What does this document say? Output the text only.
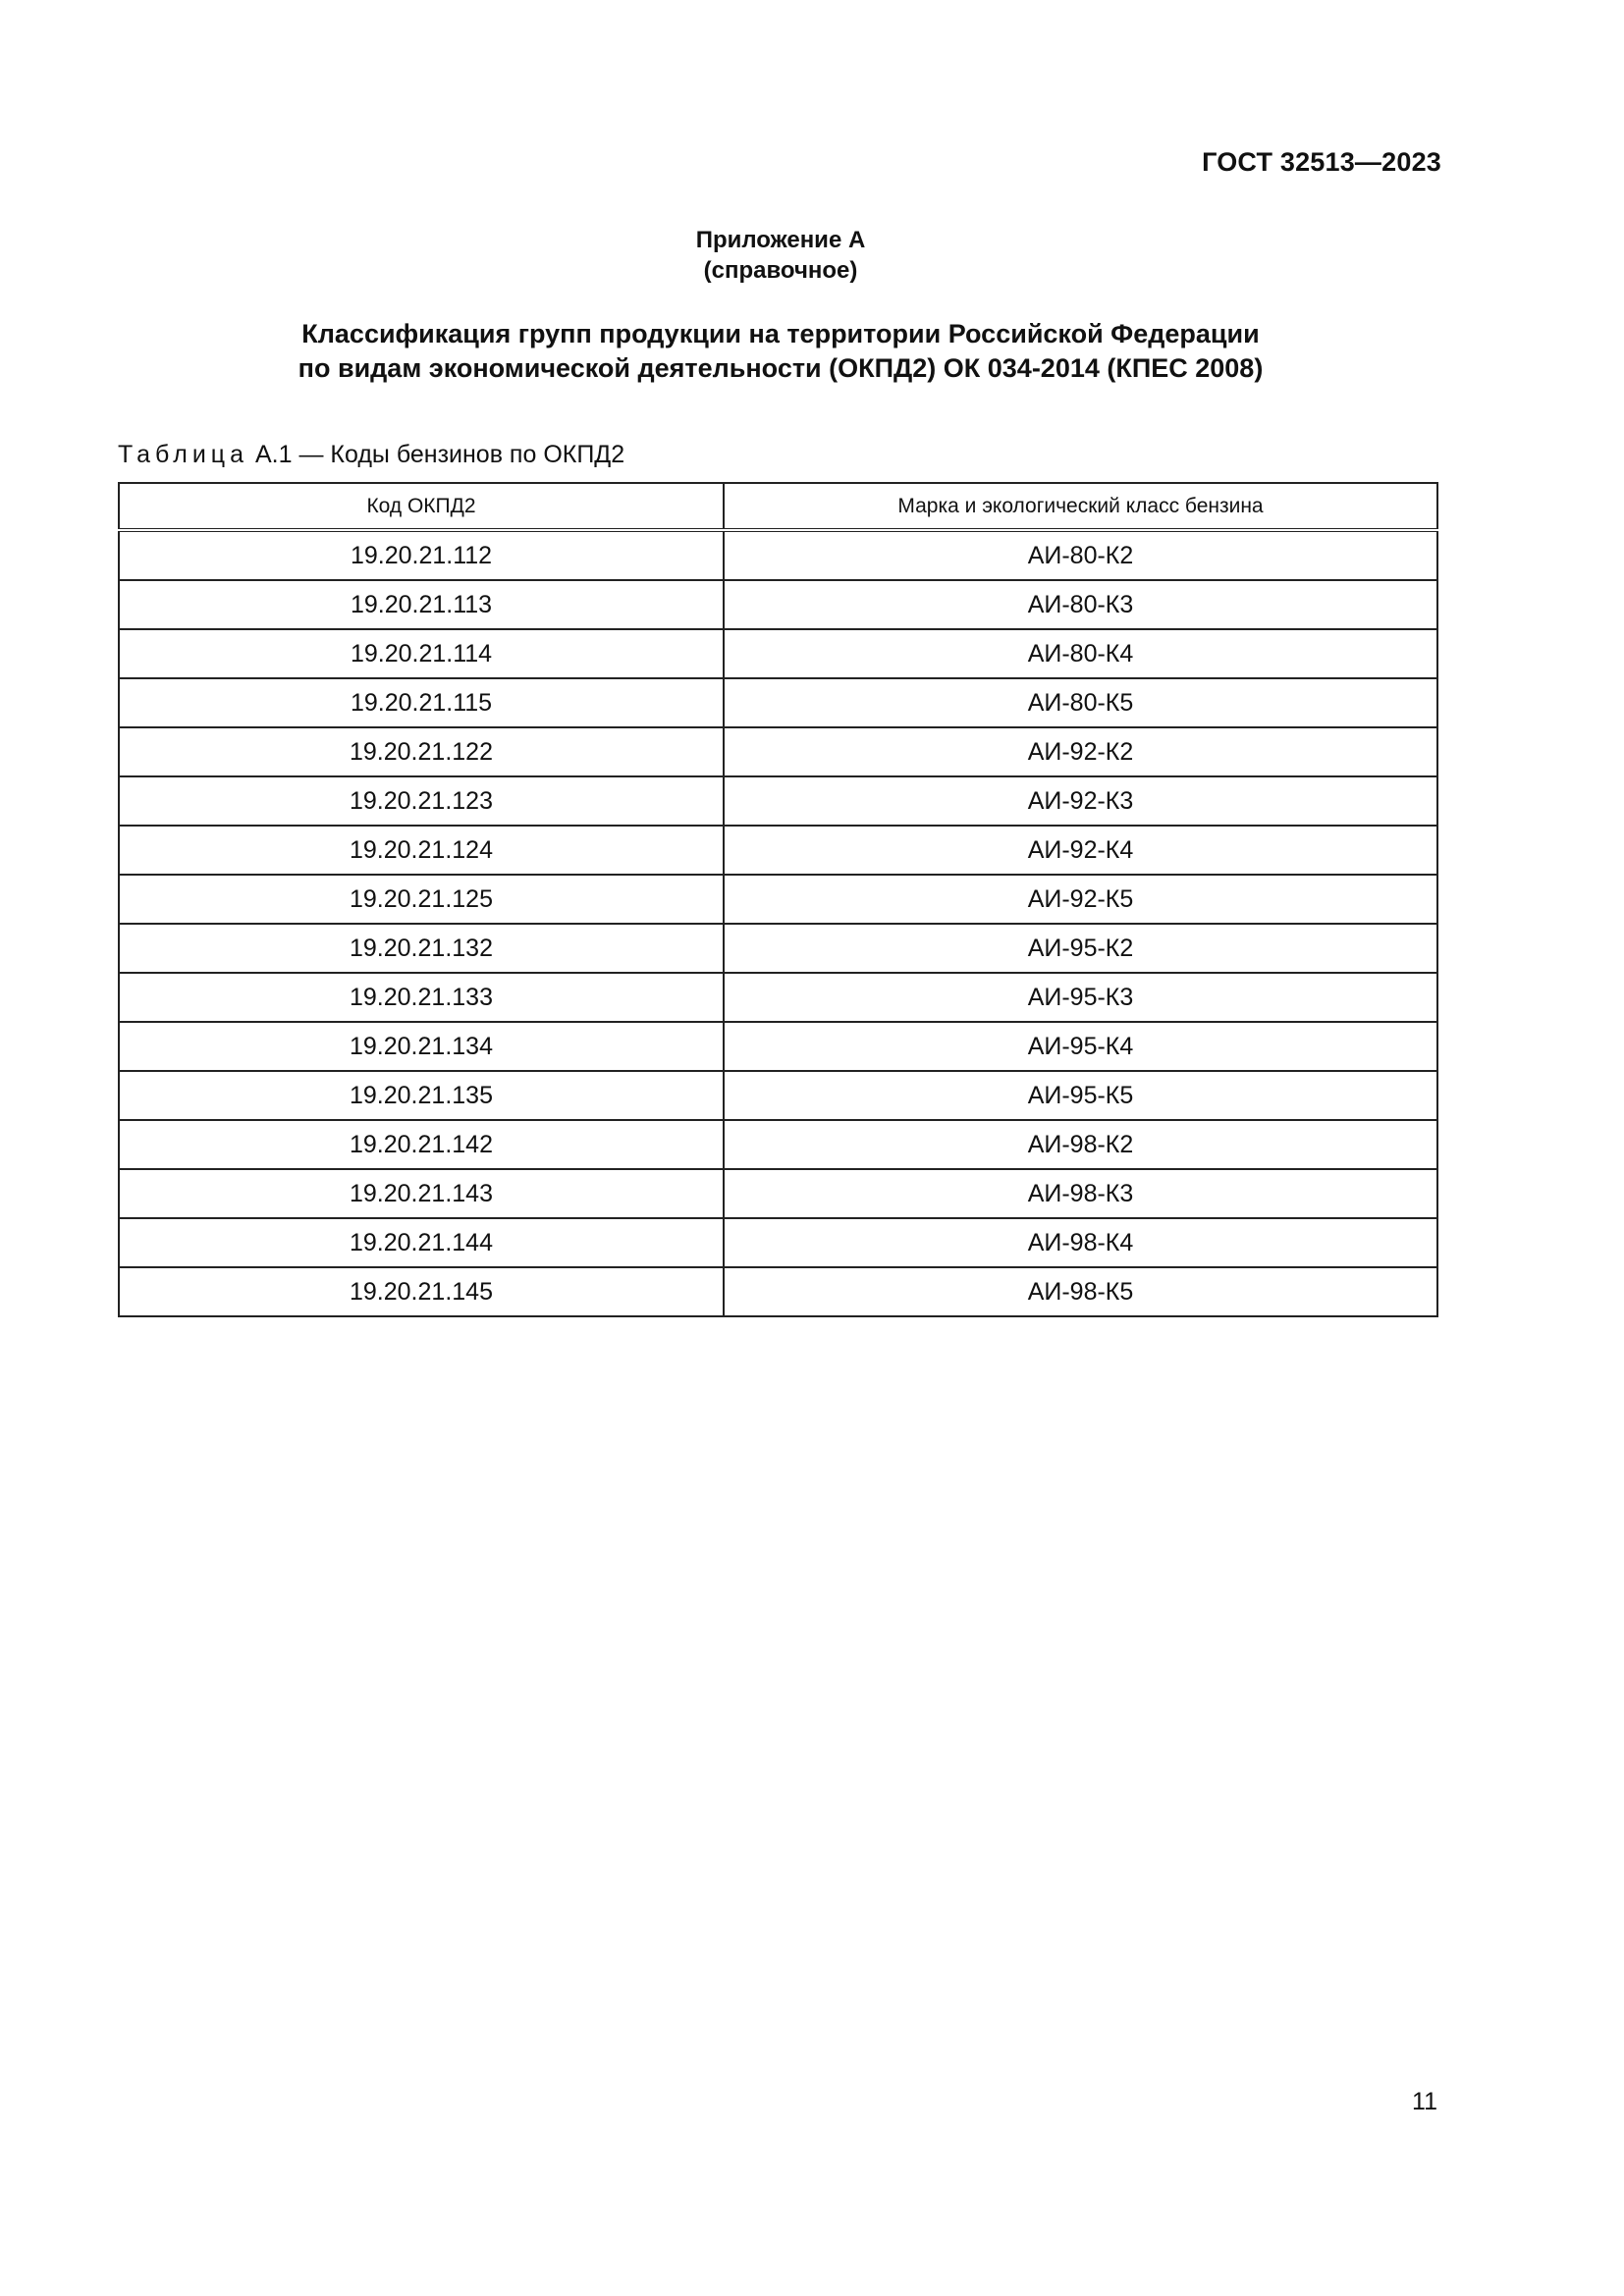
ГОСТ 32513—2023
Приложение А
(справочное)
Классификация групп продукции на территории Российской Федерации
по видам экономической деятельности (ОКПД2) ОК 034-2014 (КПЕС 2008)
Таблица А.1 — Коды бензинов по ОКПД2
Код ОКПД2	Марка и экологический класс бензина
19.20.21.112	АИ-80-К2
19.20.21.113	АИ-80-К3
19.20.21.114	АИ-80-К4
19.20.21.115	АИ-80-К5
19.20.21.122	АИ-92-К2
19.20.21.123	АИ-92-К3
19.20.21.124	АИ-92-К4
19.20.21.125	АИ-92-К5
19.20.21.132	АИ-95-К2
19.20.21.133	АИ-95-К3
19.20.21.134	АИ-95-К4
19.20.21.135	АИ-95-К5
19.20.21.142	АИ-98-К2
19.20.21.143	АИ-98-К3
19.20.21.144	АИ-98-К4
19.20.21.145	АИ-98-К5
11
